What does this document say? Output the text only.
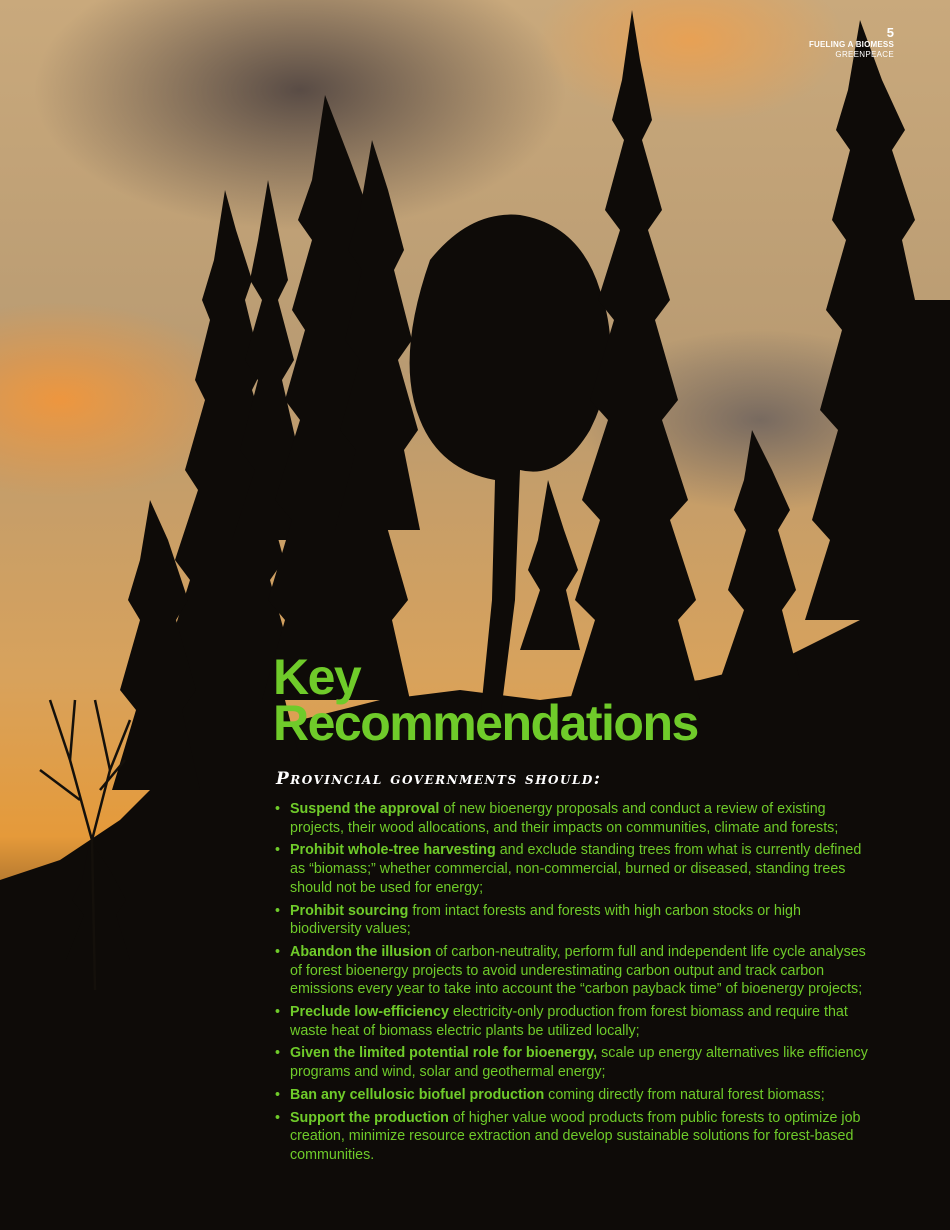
5
FUELING A BIOMESS
GREENPEACE
Key
Recommendations
Provincial governments should:
• Suspend the approval of new bioenergy proposals and conduct a review of existing projects, their wood allocations, and their impacts on communities, climate and forests;
• Prohibit whole-tree harvesting and exclude standing trees from what is currently defined as “biomass;” whether commercial, non-commercial, burned or diseased, standing trees should not be used for energy;
• Prohibit sourcing from intact forests and forests with high carbon stocks or high biodiversity values;
• Abandon the illusion of carbon-neutrality, perform full and independent life cycle analyses of forest bioenergy projects to avoid underestimating carbon output and track carbon emissions every year to take into account the “carbon payback time” of bioenergy projects;
• Preclude low-efficiency electricity-only production from forest biomass and require that waste heat of biomass electric plants be utilized locally;
• Given the limited potential role for bioenergy, scale up energy alternatives like efficiency programs and wind, solar and geothermal energy;
• Ban any cellulosic biofuel production coming directly from natural forest biomass;
• Support the production of higher value wood products from public forests to optimize job creation, minimize resource extraction and develop sustainable solutions for forest-based communities.
